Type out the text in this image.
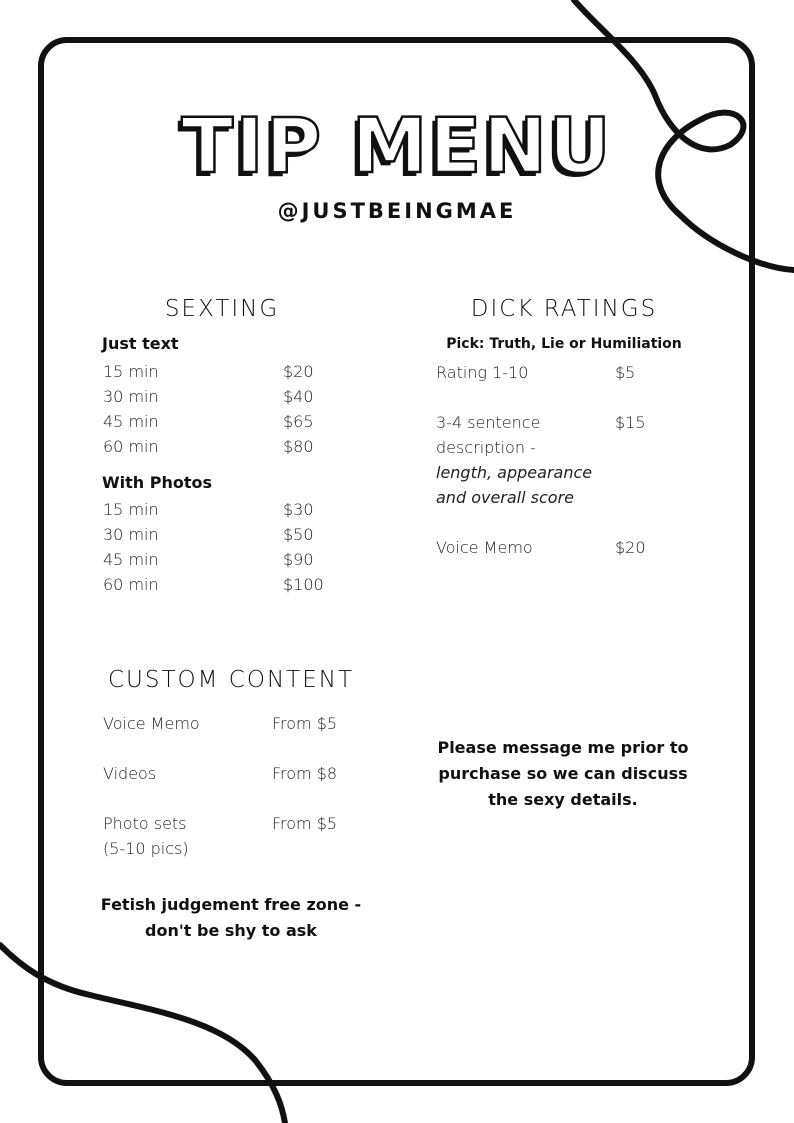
TIP MENU
@JUSTBEINGMAE
SEXTING
Just text
15 min	$20
30 min	$40
45 min	$65
60 min	$80
With Photos
15 min	$30
30 min	$50
45 min	$90
60 min	$100
DICK RATINGS
Pick: Truth, Lie or Humiliation
Rating 1-10	$5
3-4 sentence
description -
length, appearance
and overall score
$15
Voice Memo	$20
CUSTOM CONTENT
Voice Memo	From $5
Videos	From $8
Photo sets
(5-10 pics)
From $5
Fetish judgement free zone -
don't be shy to ask
Please message me prior to
purchase so we can discuss
the sexy details.
